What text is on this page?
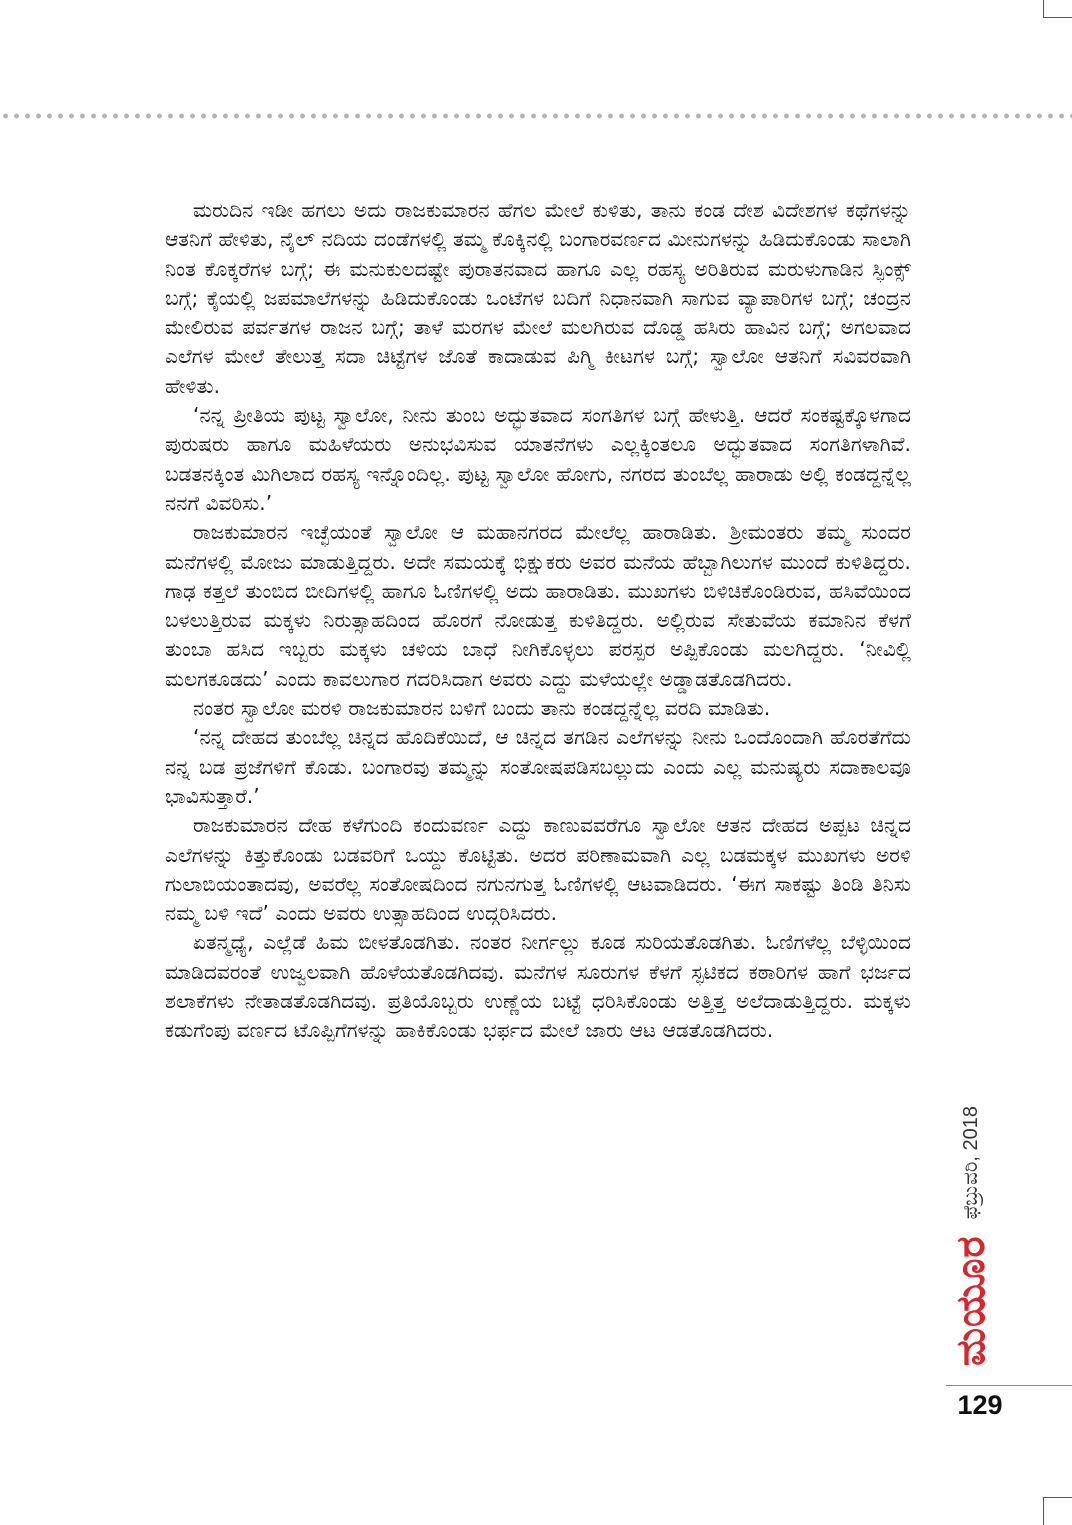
ಮರುದಿನ ಇಡೀ ಹಗಲು ಅದು ರಾಜಕುಮಾರನ ಹೆಗಲ ಮೇಲೆ ಕುಳಿತು, ತಾನು ಕಂಡ ದೇಶ ವಿದೇಶಗಳ ಕಥೆಗಳನ್ನು ಆತನಿಗೆ ಹೇಳಿತು, ನೈಲ್ ನದಿಯ ದಂಡೆಗಳಲ್ಲಿ ತಮ್ಮ ಕೊಕ್ಕಿನಲ್ಲಿ ಬಂಗಾರವರ್ಣದ ಮೀನುಗಳನ್ನು ಹಿಡಿದುಕೊಂಡು ಸಾಲಾಗಿ ನಿಂತ ಕೊಕ್ಕರೆಗಳ ಬಗ್ಗೆ; ಈ ಮನುಕುಲದಷ್ಟೇ ಪುರಾತನವಾದ ಹಾಗೂ ಎಲ್ಲ ರಹಸ್ಯ ಅರಿತಿರುವ ಮರುಳುಗಾಡಿನ ಸ್ಫಿಂಕ್ಸ್ ಬಗ್ಗೆ; ಕೈಯಲ್ಲಿ ಜಪಮಾಲೆಗಳನ್ನು ಹಿಡಿದುಕೊಂಡು ಒಂಟೆಗಳ ಬದಿಗೆ ನಿಧಾನವಾಗಿ ಸಾಗುವ ವ್ಯಾಪಾರಿಗಳ ಬಗ್ಗೆ; ಚಂದ್ರನ ಮೇಲಿರುವ ಪರ್ವತಗಳ ರಾಜನ ಬಗ್ಗೆ; ತಾಳೆ ಮರಗಳ ಮೇಲೆ ಮಲಗಿರುವ ದೊಡ್ಡ ಹಸಿರು ಹಾವಿನ ಬಗ್ಗೆ; ಅಗಲವಾದ ಎಲೆಗಳ ಮೇಲೆ ತೇಲುತ್ತ ಸದಾ ಚಿಟ್ಟೆಗಳ ಜೊತೆ ಕಾದಾಡುವ ಪಿಗ್ಮಿ ಕೀಟಗಳ ಬಗ್ಗೆ; ಸ್ವಾಲೋ ಆತನಿಗೆ ಸವಿವರವಾಗಿ ಹೇಳಿತು.

‘ನನ್ನ ಪ್ರೀತಿಯ ಪುಟ್ಟ ಸ್ವಾಲೋ, ನೀನು ತುಂಬ ಅದ್ಭುತವಾದ ಸಂಗತಿಗಳ ಬಗ್ಗೆ ಹೇಳುತ್ತಿ. ಆದರೆ ಸಂಕಷ್ಟಕ್ಕೊಳಗಾದ ಪುರುಷರು ಹಾಗೂ ಮಹಿಳೆಯರು ಅನುಭವಿಸುವ ಯಾತನೆಗಳು ಎಲ್ಲಕ್ಕಿಂತಲೂ ಅದ್ಭುತವಾದ ಸಂಗತಿಗಳಾಗಿವೆ. ಬಡತನಕ್ಕಿಂತ ಮಿಗಿಲಾದ ರಹಸ್ಯ ಇನ್ನೊಂದಿಲ್ಲ. ಪುಟ್ಟ ಸ್ವಾಲೋ ಹೋಗು, ನಗರದ ತುಂಬೆಲ್ಲ ಹಾರಾಡು ಅಲ್ಲಿ ಕಂಡದ್ದನ್ನೆಲ್ಲ ನನಗೆ ವಿವರಿಸು.’

ರಾಜಕುಮಾರನ ಇಚ್ಛೆಯಂತೆ ಸ್ವಾಲೋ ಆ ಮಹಾನಗರದ ಮೇಲೆಲ್ಲ ಹಾರಾಡಿತು. ಶ್ರೀಮಂತರು ತಮ್ಮ ಸುಂದರ ಮನೆಗಳಲ್ಲಿ ಮೋಜು ಮಾಡುತ್ತಿದ್ದರು. ಅದೇ ಸಮಯಕ್ಕೆ ಭಿಕ್ಷುಕರು ಅವರ ಮನೆಯ ಹೆಬ್ಬಾಗಿಲುಗಳ ಮುಂದೆ ಕುಳಿತಿದ್ದರು. ಗಾಢ ಕತ್ತಲೆ ತುಂಬಿದ ಬೀದಿಗಳಲ್ಲಿ ಹಾಗೂ ಓಣಿಗಳಲ್ಲಿ ಅದು ಹಾರಾಡಿತು. ಮುಖಗಳು ಬಿಳಿಚಿಕೊಂಡಿರುವ, ಹಸಿವೆಯಿಂದ ಬಳಲುತ್ತಿರುವ ಮಕ್ಕಳು ನಿರುತ್ಸಾಹದಿಂದ ಹೊರಗೆ ನೋಡುತ್ತ ಕುಳಿತಿದ್ದರು. ಅಲ್ಲಿರುವ ಸೇತುವೆಯ ಕಮಾನಿನ ಕೆಳಗೆ ತುಂಬಾ ಹಸಿದ ಇಬ್ಬರು ಮಕ್ಕಳು ಚಳಿಯ ಬಾಧೆ ನೀಗಿಕೊಳ್ಳಲು ಪರಸ್ಪರ ಅಪ್ಪಿಕೊಂಡು ಮಲಗಿದ್ದರು. ‘ನೀವಿಲ್ಲಿ ಮಲಗಕೂಡದು’ ಎಂದು ಕಾವಲುಗಾರ ಗದರಿಸಿದಾಗ ಅವರು ಎದ್ದು ಮಳೆಯಲ್ಲೇ ಅಡ್ಡಾಡತೊಡಗಿದರು.

ನಂತರ ಸ್ವಾಲೋ ಮರಳಿ ರಾಜಕುಮಾರನ ಬಳಿಗೆ ಬಂದು ತಾನು ಕಂಡದ್ದನ್ನೆಲ್ಲ ವರದಿ ಮಾಡಿತು.

‘ನನ್ನ ದೇಹದ ತುಂಬೆಲ್ಲ ಚಿನ್ನದ ಹೊದಿಕೆಯಿದೆ, ಆ ಚಿನ್ನದ ತಗಡಿನ ಎಲೆಗಳನ್ನು ನೀನು ಒಂದೊಂದಾಗಿ ಹೊರತೆಗೆದು ನನ್ನ ಬಡ ಪ್ರಜೆಗಳಿಗೆ ಕೊಡು. ಬಂಗಾರವು ತಮ್ಮನ್ನು ಸಂತೋಷಪಡಿಸಬಲ್ಲುದು ಎಂದು ಎಲ್ಲ ಮನುಷ್ಯರು ಸದಾಕಾಲವೂ ಭಾವಿಸುತ್ತಾರೆ.’

ರಾಜಕುಮಾರನ ದೇಹ ಕಳೆಗುಂದಿ ಕಂದುವರ್ಣ ಎದ್ದು ಕಾಣುವವರೆಗೂ ಸ್ವಾಲೋ ಆತನ ದೇಹದ ಅಪ್ಪಟ ಚಿನ್ನದ ಎಲೆಗಳನ್ನು ಕಿತ್ತುಕೊಂಡು ಬಡವರಿಗೆ ಒಯ್ದು ಕೊಟ್ಟಿತು. ಅದರ ಪರಿಣಾಮವಾಗಿ ಎಲ್ಲ ಬಡಮಕ್ಕಳ ಮುಖಗಳು ಅರಳಿ ಗುಲಾಬಿಯಂತಾದವು, ಅವರೆಲ್ಲ ಸಂತೋಷದಿಂದ ನಗುನಗುತ್ತ ಓಣಿಗಳಲ್ಲಿ ಆಟವಾಡಿದರು. ‘ಈಗ ಸಾಕಷ್ಟು ತಿಂಡಿ ತಿನಿಸು ನಮ್ಮ ಬಳಿ ಇದೆ’ ಎಂದು ಅವರು ಉತ್ಸಾಹದಿಂದ ಉದ್ಗರಿಸಿದರು.

ಏತನ್ಮಧ್ಯೆ, ಎಲ್ಲೆಡೆ ಹಿಮ ಬೀಳತೊಡಗಿತು. ನಂತರ ನೀರ್ಗಲ್ಲು ಕೂಡ ಸುರಿಯತೊಡಗಿತು. ಓಣಿಗಳೆಲ್ಲ ಬೆಳ್ಳಿಯಿಂದ ಮಾಡಿದವರಂತೆ ಉಜ್ವಲವಾಗಿ ಹೊಳೆಯತೊಡಗಿದವು. ಮನೆಗಳ ಸೂರುಗಳ ಕೆಳಗೆ ಸ್ಫಟಿಕದ ಕಠಾರಿಗಳ ಹಾಗೆ ಭರ್ಜದ ಶಲಾಕೆಗಳು ನೇತಾಡತೊಡಗಿದವು. ಪ್ರತಿಯೊಬ್ಬರು ಉಣ್ಣೆಯ ಬಟ್ಟೆ ಧರಿಸಿಕೊಂಡು ಅತ್ತಿತ್ತ ಅಲೆದಾಡುತ್ತಿದ್ದರು. ಮಕ್ಕಳು ಕಡುಗೆಂಪು ವರ್ಣದ ಟೊಪ್ಪಿಗೆಗಳನ್ನು ಹಾಕಿಕೊಂಡು ಭರ್ಫದ ಮೇಲೆ ಜಾರು ಆಟ ಆಡತೊಡಗಿದರು.

ಮಯೂರ
ಫೆಬ್ರುವರಿ, 2018
129
